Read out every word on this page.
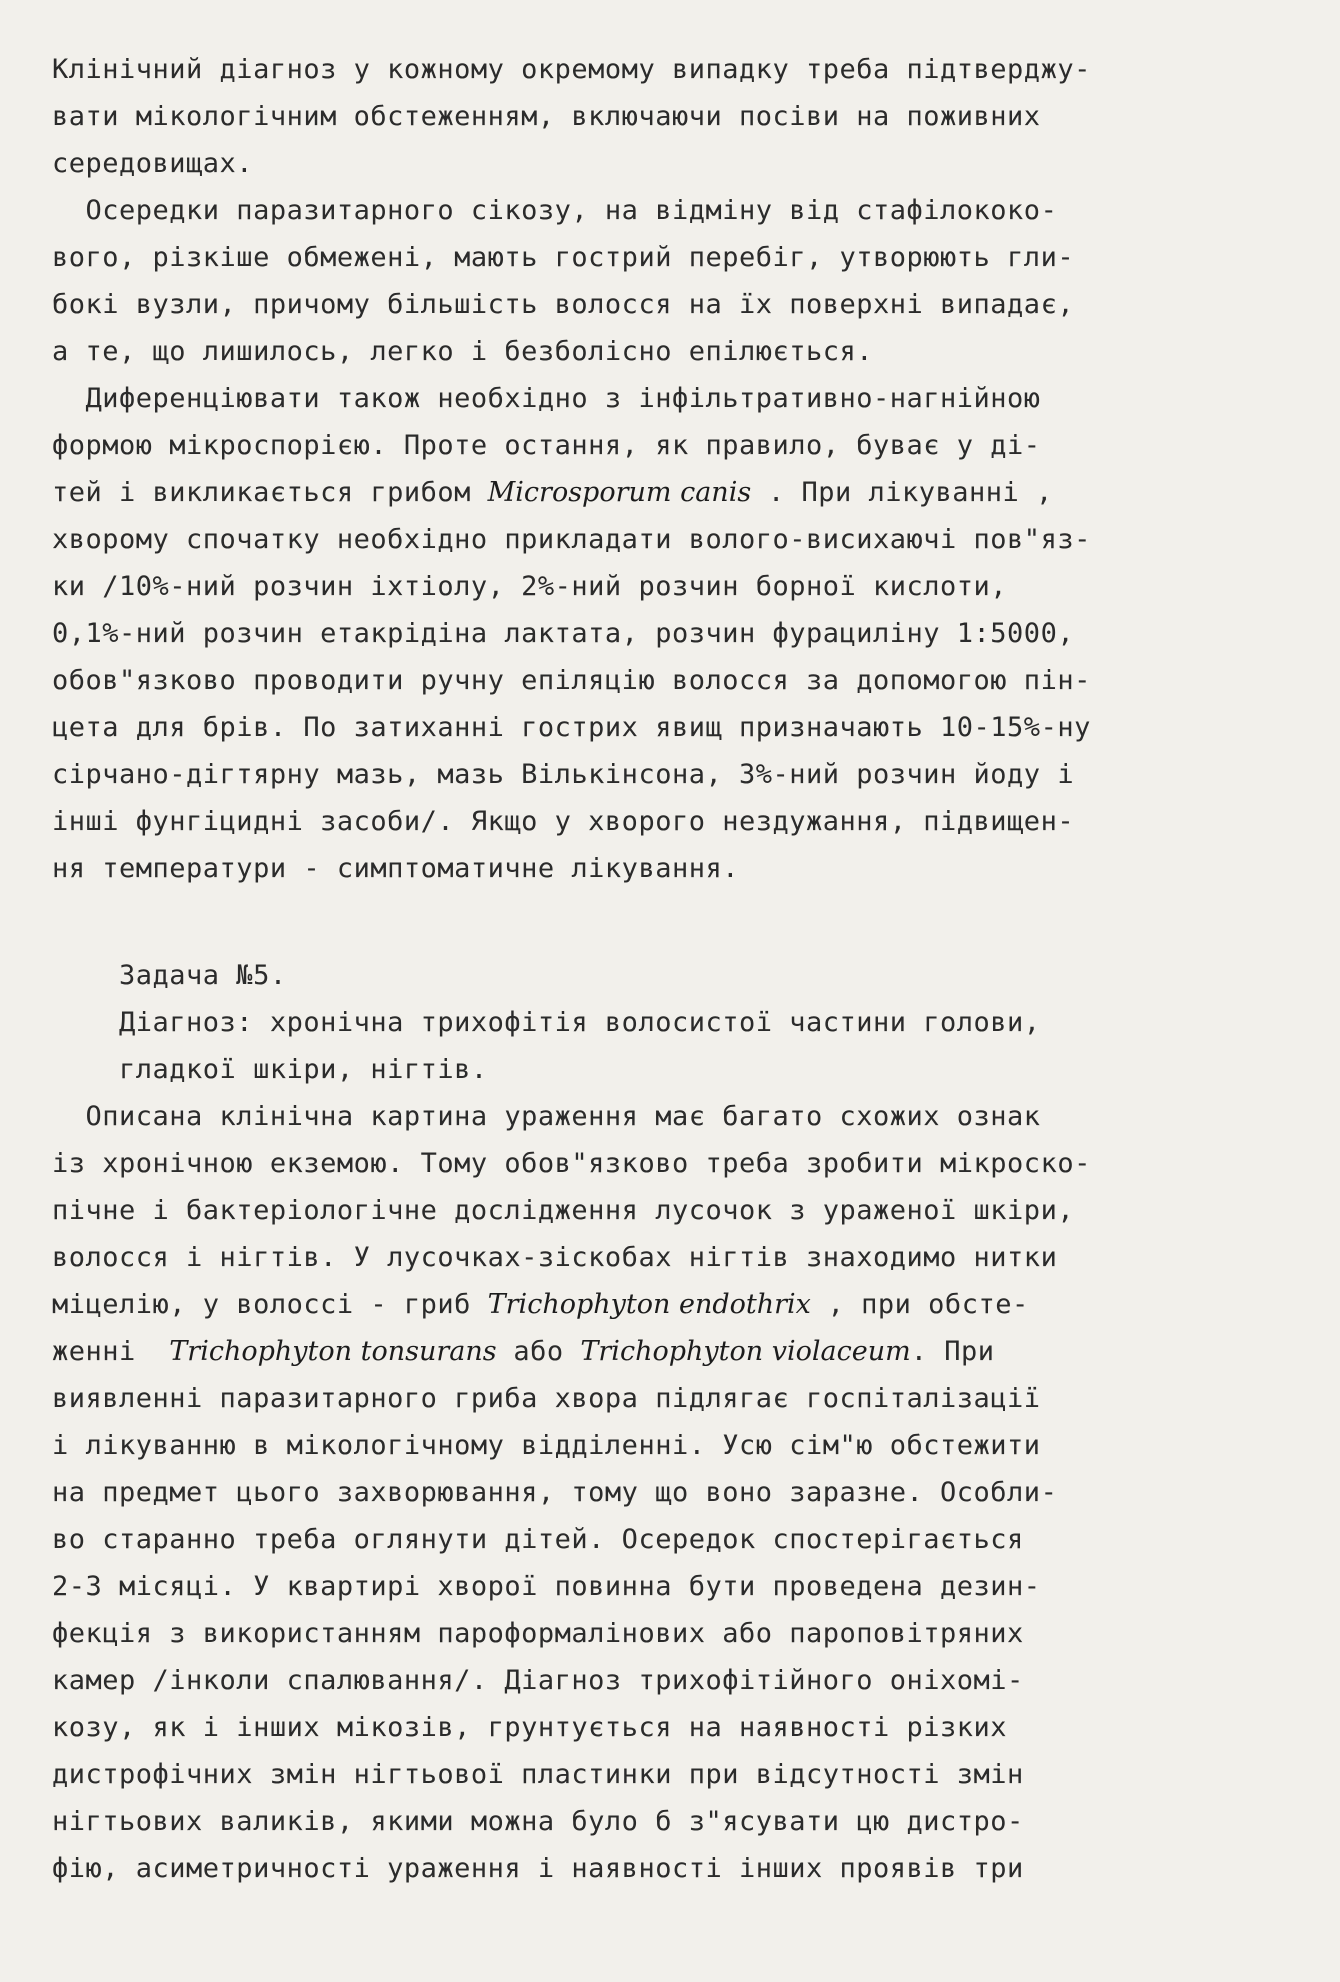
Клінічний діагноз у кожному окремому випадку треба підтверджу-
вати мікологічним обстеженням, включаючи посіви на поживних
середовищах.
Осередки паразитарного сікозу, на відміну від стафілококо-
вого, різкіше обмежені, мають гострий перебіг, утворюють гли-
бокі вузли, причому більшість волосся на їх поверхні випадає,
а те, що лишилось, легко і безболісно епілюється.
Диференціювати також необхідно з інфільтративно-нагнійною
формою мікроспорією. Проте остання, як правило, буває у ді-
тей і викликається грибом Microsporum canis . При лікуванні ,
хворому спочатку необхідно прикладати волого-висихаючі пов"яз-
ки /10%-ний розчин іхтіолу, 2%-ний розчин борної кислоти,
0,1%-ний розчин етакрідіна лактата, розчин фурациліну 1:5000,
обов"язково проводити ручну епіляцію волосся за допомогою пін-
цета для брів. По затиханні гострих явищ призначають 10-15%-ну
сірчано-дігтярну мазь, мазь Вількінсона, 3%-ний розчин йоду і
інші фунгіцидні засоби/. Якщо у хворого нездужання, підвищен-
ня температури - симптоматичне лікування.
Задача №5.
Діагноз: хронічна трихофітія волосистої частини голови,
гладкої шкіри, нігтів.
Описана клінічна картина ураження має багато схожих ознак
із хронічною екземою. Тому обов"язково треба зробити мікроско-
пічне і бактеріологічне дослідження лусочок з ураженої шкіри,
волосся і нігтів. У лусочках-зіскобах нігтів знаходимо нитки
міцелію, у волоссі - гриб Trichophyton endothrix , при обсте-
женні  Trichophyton tonsurans або Trichophyton violaceum. При
виявленні паразитарного гриба хвора підлягає госпіталізації
і лікуванню в мікологічному відділенні. Усю сім"ю обстежити
на предмет цього захворювання, тому що воно заразне. Особли-
во старанно треба оглянути дітей. Осередок спостерігається
2-3 місяці. У квартирі хворої повинна бути проведена дезин-
фекція з використанням пароформалінових або пароповітряних
камер /інколи спалювання/. Діагноз трихофітійного оніхомі-
козу, як і інших мікозів, грунтується на наявності різких
дистрофічних змін нігтьової пластинки при відсутності змін
нігтьових валиків, якими можна було б з"ясувати цю дистро-
фію, асиметричності ураження і наявності інших проявів три
